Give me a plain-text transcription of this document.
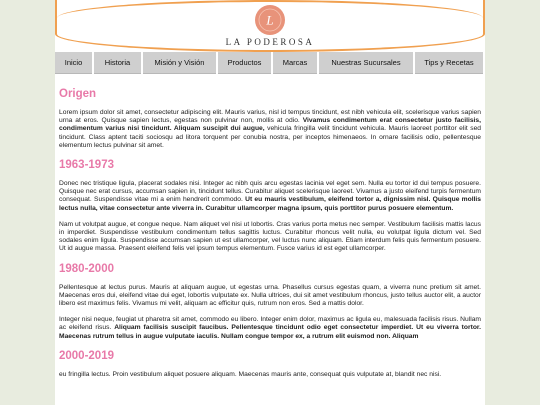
L
LA PODEROSA
Inicio	Historia	Misión y Visión	Productos	Marcas	Nuestras Sucursales	Tips y Recetas
Origen

Lorem ipsum dolor sit amet, consectetur adipiscing elit. Mauris varius, nisl id tempus tincidunt, est nibh vehicula elit, scelerisque varius sapien urna at eros. Quisque sapien lectus, egestas non pulvinar non, mollis at odio. Vivamus condimentum erat consectetur justo facilisis, condimentum varius nisi tincidunt. Aliquam suscipit dui augue, vehicula fringilla velit tincidunt vehicula. Mauris laoreet porttitor elit sed tincidunt. Class aptent taciti sociosqu ad litora torquent per conubia nostra, per inceptos himenaeos. In ornare facilisis odio, pellentesque elementum lectus pulvinar sit amet.

1963-1973

Donec nec tristique ligula, placerat sodales nisi. Integer ac nibh quis arcu egestas lacinia vel eget sem. Nulla eu tortor id dui tempus posuere. Quisque nec erat cursus, accumsan sapien in, tincidunt tellus. Curabitur aliquet scelerisque laoreet. Vivamus a justo eleifend turpis fermentum consequat. Suspendisse vitae mi a enim hendrerit commodo. Ut eu mauris vestibulum, eleifend tortor a, dignissim nisl. Quisque mollis lectus nulla, vitae consectetur ante viverra in. Curabitur ullamcorper magna ipsum, quis porttitor purus posuere elementum.

Nam ut volutpat augue, et congue neque. Nam aliquet vel nisi ut lobortis. Cras varius porta metus nec semper. Vestibulum facilisis mattis lacus in imperdiet. Suspendisse vestibulum condimentum tellus sagittis luctus. Curabitur rhoncus velit nulla, eu volutpat ligula dictum vel. Sed sodales enim ligula. Suspendisse accumsan sapien ut est ullamcorper, vel luctus nunc aliquam. Etiam interdum felis quis fermentum posuere. Ut id augue massa. Praesent eleifend felis vel ipsum tempus elementum. Fusce varius id est eget ullamcorper.

1980-2000

Pellentesque at lectus purus. Mauris at aliquam augue, ut egestas urna. Phasellus cursus egestas quam, a viverra nunc pretium sit amet. Maecenas eros dui, eleifend vitae dui eget, lobortis vulputate ex. Nulla ultrices, dui sit amet vestibulum rhoncus, justo tellus auctor elit, a auctor libero est maximus felis. Vivamus mi velit, aliquam ac efficitur quis, rutrum non eros. Sed a mattis dolor.

Integer nisi neque, feugiat ut pharetra sit amet, commodo eu libero. Integer enim dolor, maximus ac ligula eu, malesuada facilisis risus. Nullam ac eleifend risus. Aliquam facilisis suscipit faucibus. Pellentesque tincidunt odio eget consectetur imperdiet. Ut eu viverra tortor. Maecenas rutrum tellus in augue vulputate iaculis. Nullam congue tempor ex, a rutrum elit euismod non. Aliquam

2000-2019

eu fringilla lectus. Proin vestibulum aliquet posuere aliquam. Maecenas mauris ante, consequat quis vulputate at, blandit nec nisi.
